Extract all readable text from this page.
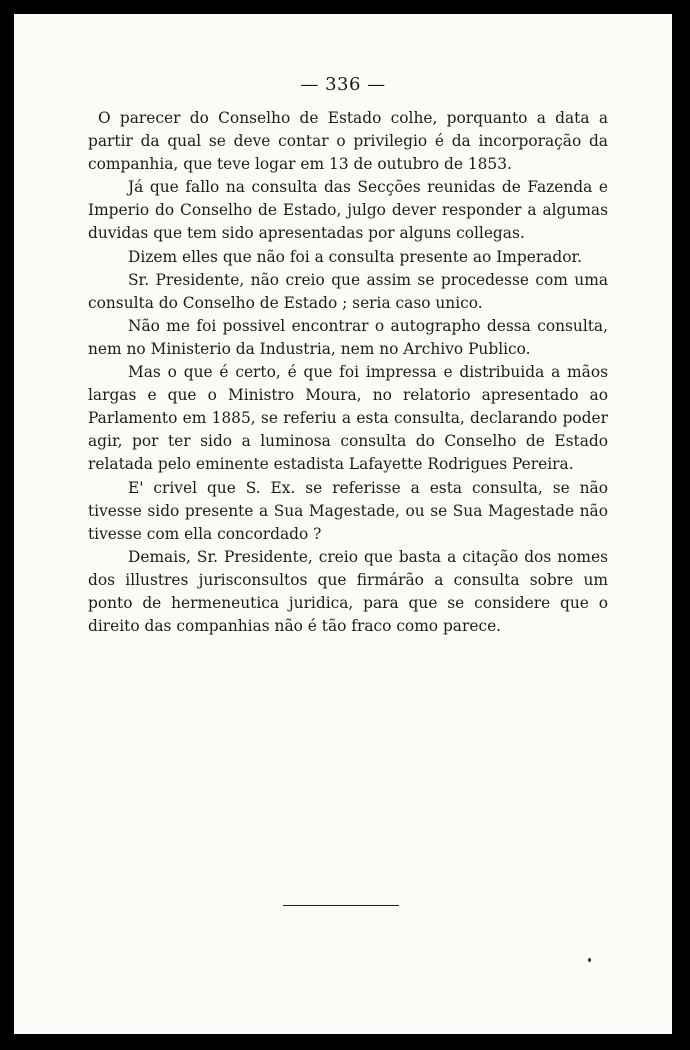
— 336 —

O parecer do Conselho de Estado colhe, porquanto a data a partir da qual se deve contar o privilegio é da incorporação da companhia, que teve logar em 13 de outubro de 1853.

Já que fallo na consulta das Secções reunidas de Fazenda e Imperio do Conselho de Estado, julgo dever responder a algumas duvidas que tem sido apresentadas por alguns collegas.

Dizem elles que não foi a consulta presente ao Imperador.

Sr. Presidente, não creio que assim se procedesse com uma consulta do Conselho de Estado ; seria caso unico.

Não me foi possivel encontrar o autographo dessa consulta, nem no Ministerio da Industria, nem no Archivo Publico.

Mas o que é certo, é que foi impressa e distribuida a mãos largas e que o Ministro Moura, no relatorio apresentado ao Parlamento em 1885, se referiu a esta consulta, declarando poder agir, por ter sido a luminosa consulta do Conselho de Estado relatada pelo eminente estadista Lafayette Rodrigues Pereira.

E' crivel que S. Ex. se referisse a esta consulta, se não tivesse sido presente a Sua Magestade, ou se Sua Magestade não tivesse com ella concordado ?

Demais, Sr. Presidente, creio que basta a citação dos nomes dos illustres jurisconsultos que firmárão a consulta sobre um ponto de hermeneutica juridica, para que se considere que o direito das companhias não é tão fraco como parece.
